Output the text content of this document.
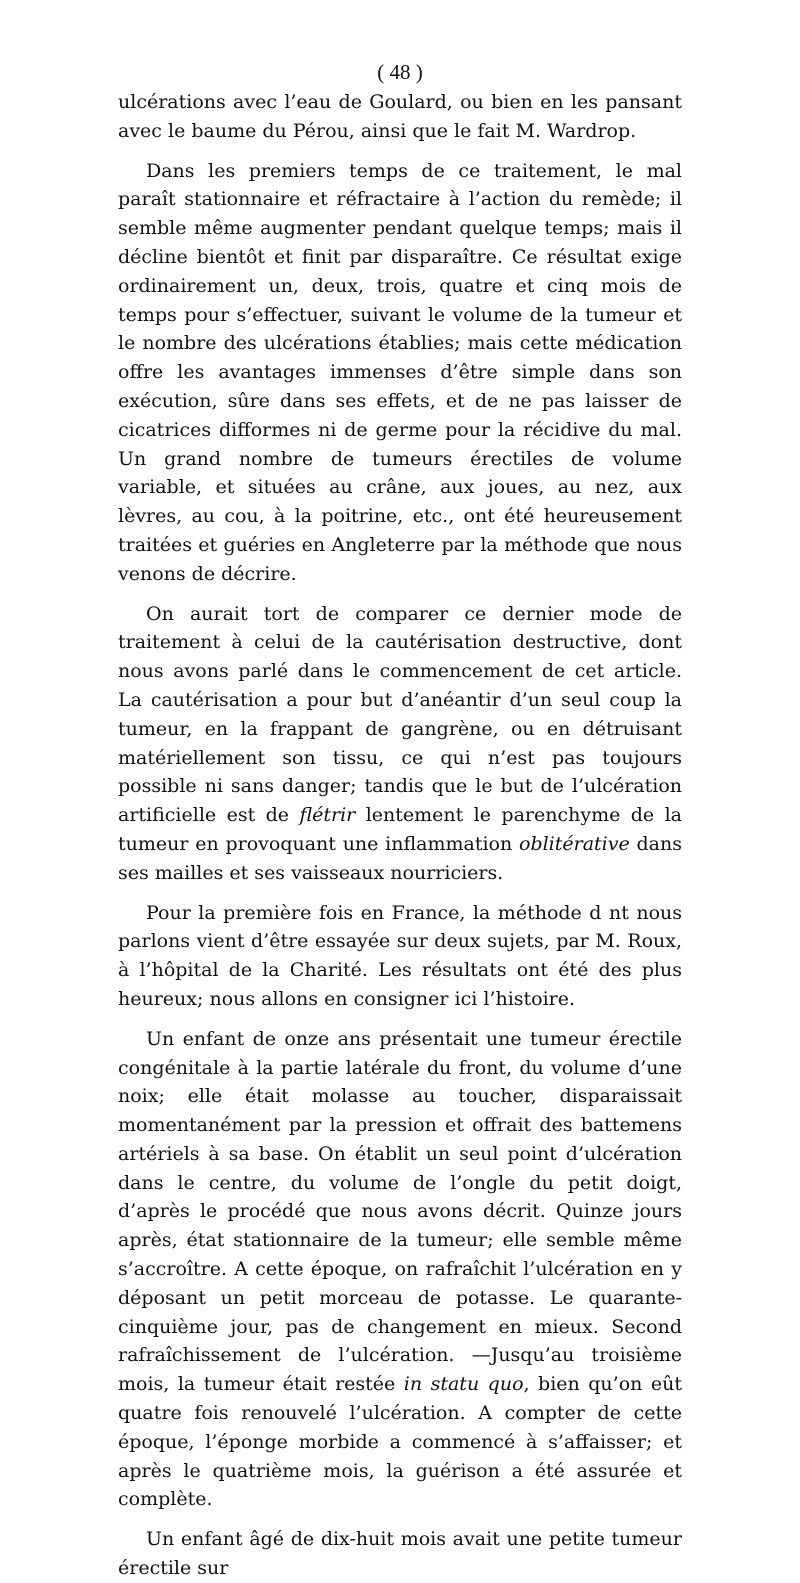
( 48 )

ulcérations avec l’eau de Goulard, ou bien en les pansant avec le baume du Pérou, ainsi que le fait M. Wardrop.

Dans les premiers temps de ce traitement, le mal paraît stationnaire et réfractaire à l’action du remède; il semble même augmenter pendant quelque temps; mais il décline bientôt et finit par disparaître. Ce résultat exige ordinairement un, deux, trois, quatre et cinq mois de temps pour s’effectuer, suivant le volume de la tumeur et le nombre des ulcérations établies; mais cette médication offre les avantages immenses d’être simple dans son exécution, sûre dans ses effets, et de ne pas laisser de cicatrices difformes ni de germe pour la récidive du mal. Un grand nombre de tumeurs érectiles de volume variable, et situées au crâne, aux joues, au nez, aux lèvres, au cou, à la poitrine, etc., ont été heureusement traitées et guéries en Angleterre par la méthode que nous venons de décrire.

On aurait tort de comparer ce dernier mode de traitement à celui de la cautérisation destructive, dont nous avons parlé dans le commencement de cet article. La cautérisation a pour but d’anéantir d’un seul coup la tumeur, en la frappant de gangrène, ou en détruisant matériellement son tissu, ce qui n’est pas toujours possible ni sans danger; tandis que le but de l’ulcération artificielle est de flétrir lentement le parenchyme de la tumeur en provoquant une inflammation oblitérative dans ses mailles et ses vaisseaux nourriciers.

Pour la première fois en France, la méthode d nt nous parlons vient d’être essayée sur deux sujets, par M. Roux, à l’hôpital de la Charité. Les résultats ont été des plus heureux; nous allons en consigner ici l’histoire.

Un enfant de onze ans présentait une tumeur érectile congénitale à la partie latérale du front, du volume d’une noix; elle était molasse au toucher, disparaissait momentanément par la pression et offrait des battemens artériels à sa base. On établit un seul point d’ulcération dans le centre, du volume de l’ongle du petit doigt, d’après le procédé que nous avons décrit. Quinze jours après, état stationnaire de la tumeur; elle semble même s’accroître. A cette époque, on rafraîchit l’ulcération en y déposant un petit morceau de potasse. Le quarante-cinquième jour, pas de changement en mieux. Second rafraîchissement de l’ulcération. —Jusqu’au troisième mois, la tumeur était restée in statu quo, bien qu’on eût quatre fois renouvelé l’ulcération. A compter de cette époque, l’éponge morbide a commencé à s’affaisser; et après le quatrième mois, la guérison a été assurée et complète.

Un enfant âgé de dix-huit mois avait une petite tumeur érectile sur
